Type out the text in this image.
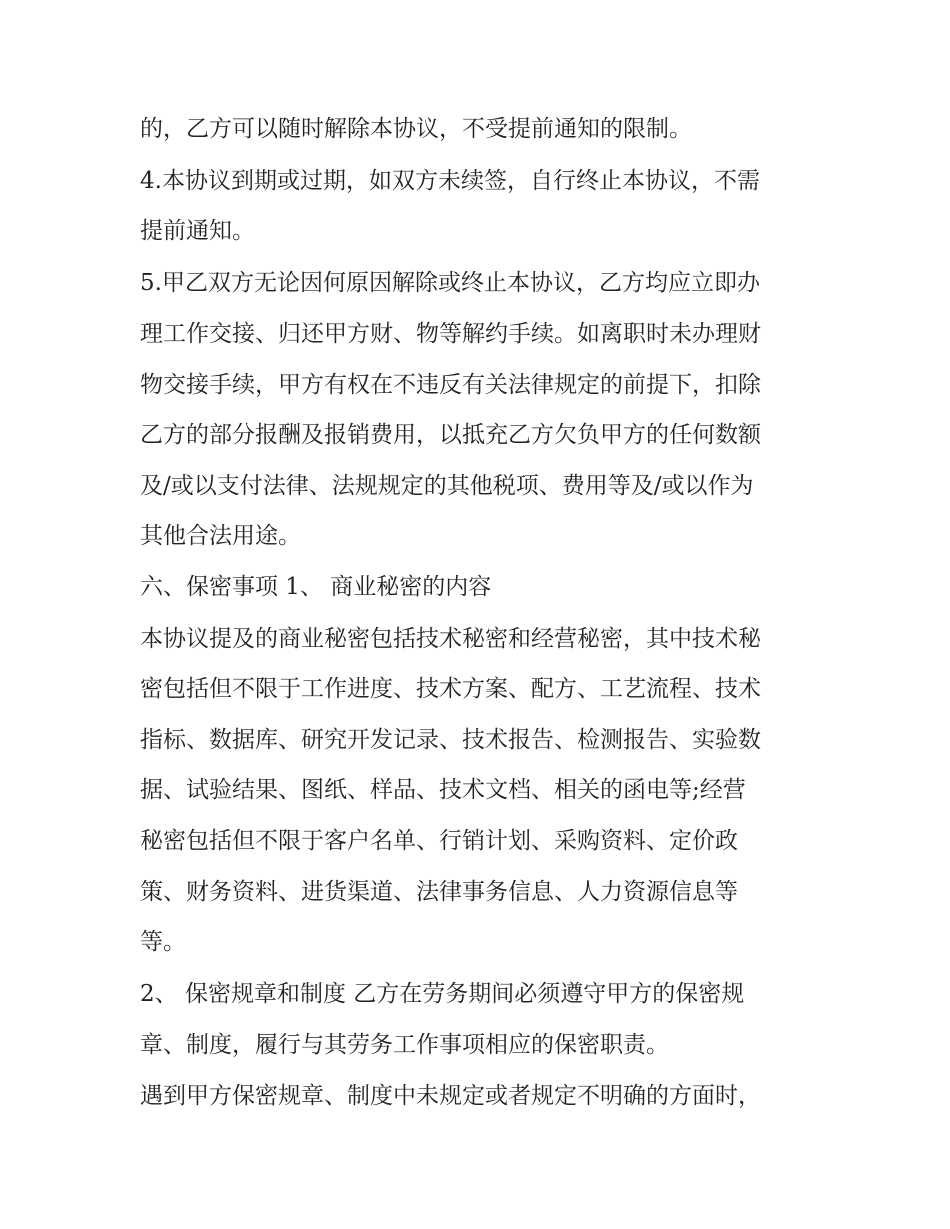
的，乙方可以随时解除本协议，不受提前通知的限制。
4.本协议到期或过期，如双方未续签，自行终止本协议，不需
提前通知。
5.甲乙双方无论因何原因解除或终止本协议，乙方均应立即办
理工作交接、归还甲方财、物等解约手续。如离职时未办理财
物交接手续，甲方有权在不违反有关法律规定的前提下，扣除
乙方的部分报酬及报销费用，以抵充乙方欠负甲方的任何数额
及/或以支付法律、法规规定的其他税项、费用等及/或以作为
其他合法用途。
六、保密事项 1、 商业秘密的内容
本协议提及的商业秘密包括技术秘密和经营秘密，其中技术秘
密包括但不限于工作进度、技术方案、配方、工艺流程、技术
指标、数据库、研究开发记录、技术报告、检测报告、实验数
据、试验结果、图纸、样品、技术文档、相关的函电等;经营
秘密包括但不限于客户名单、行销计划、采购资料、定价政
策、财务资料、进货渠道、法律事务信息、人力资源信息等
等。
2、 保密规章和制度 乙方在劳务期间必须遵守甲方的保密规
章、制度，履行与其劳务工作事项相应的保密职责。
遇到甲方保密规章、制度中未规定或者规定不明确的方面时，
